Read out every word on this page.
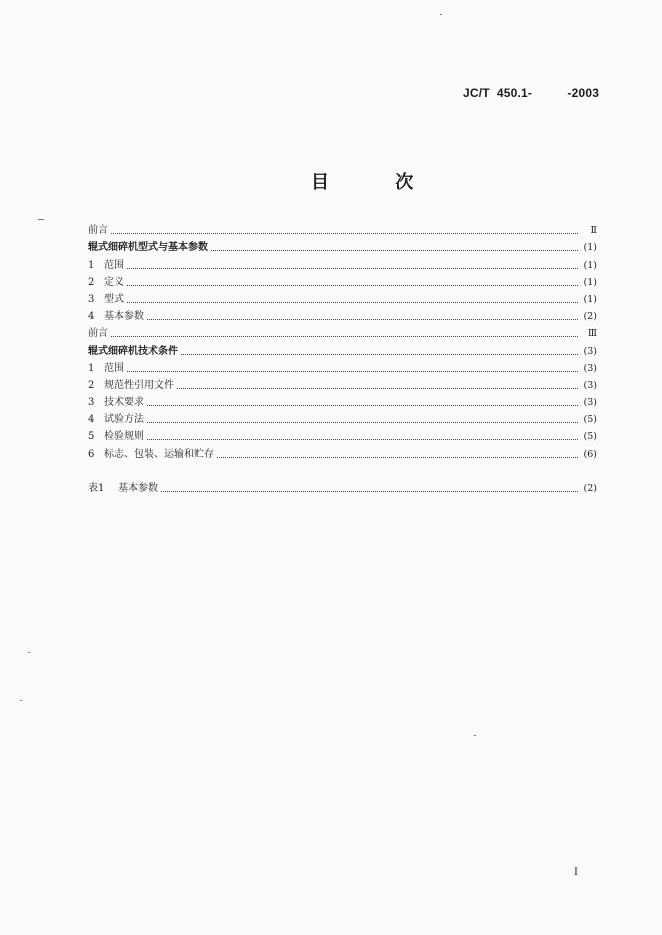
JC/T  450.1-          -2003
目 次
前言	Ⅱ
辊式细碎机型式与基本参数	(1)
1 范围	(1)
2 定义	(1)
3 型式	(1)
4 基本参数	(2)
前言	Ⅲ
辊式细碎机技术条件	(3)
1 范围	(3)
2 规范性引用文件	(3)
3 技术要求	(3)
4 试验方法	(5)
5 检验规则	(5)
6 标志、包装、运输和贮存	(6)
表1	基本参数	(2)
I
